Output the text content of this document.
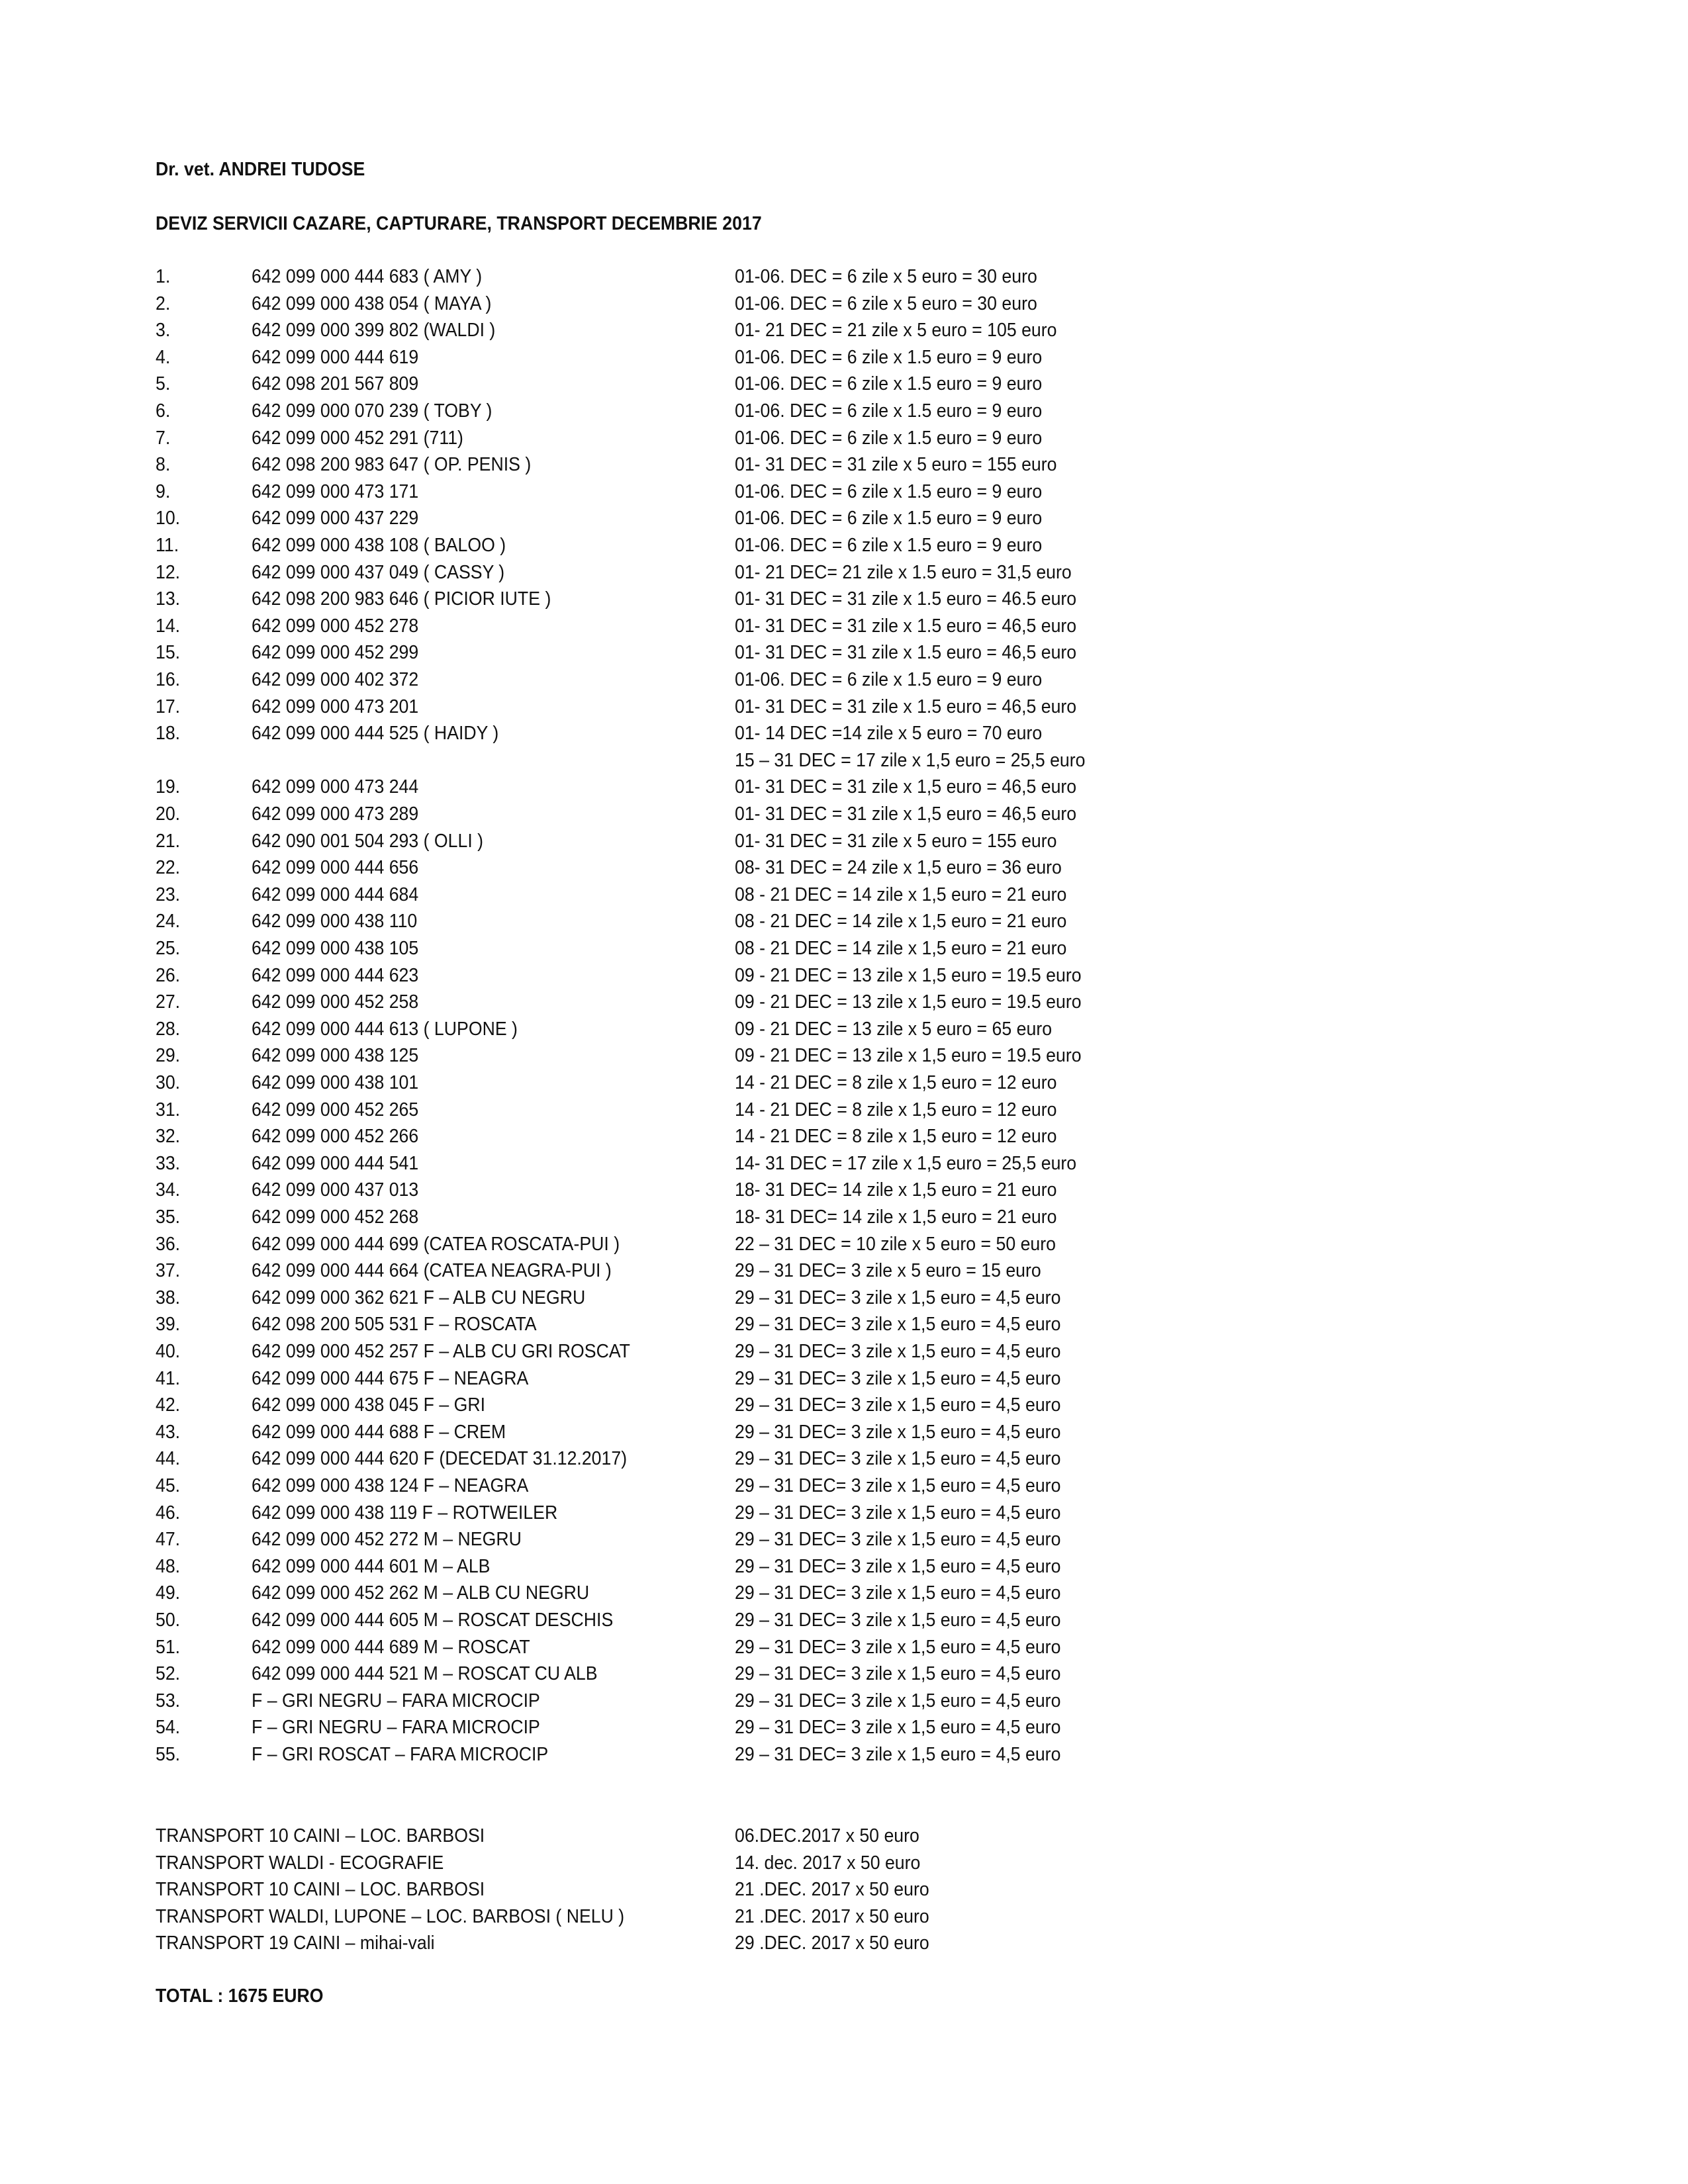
Dr. vet. ANDREI TUDOSE
DEVIZ SERVICII CAZARE, CAPTURARE, TRANSPORT DECEMBRIE 2017
1.	642 099 000 444 683 ( AMY )	01-06. DEC = 6 zile x 5 euro = 30 euro
2.	642 099 000 438 054 ( MAYA )	01-06. DEC = 6 zile x 5 euro = 30 euro
3.	642 099 000 399 802 (WALDI )	01- 21 DEC = 21 zile x 5 euro = 105 euro
4.	642 099 000 444 619	01-06. DEC = 6 zile x 1.5 euro = 9 euro
5.	642 098 201 567 809	01-06. DEC = 6 zile x 1.5 euro = 9 euro
6.	642 099 000 070 239 ( TOBY )	01-06. DEC = 6 zile x 1.5 euro = 9 euro
7.	642 099 000 452 291 (711)	01-06. DEC = 6 zile x 1.5 euro = 9 euro
8.	642 098 200 983 647 ( OP. PENIS )	01- 31 DEC = 31 zile x 5 euro = 155 euro
9.	642 099 000 473 171	01-06. DEC = 6 zile x 1.5 euro = 9 euro
10.	642 099 000 437 229	01-06. DEC = 6 zile x 1.5 euro = 9 euro
11.	642 099 000 438 108 ( BALOO )	01-06. DEC = 6 zile x 1.5 euro = 9 euro
12.	642 099 000 437 049 ( CASSY )	01- 21 DEC= 21 zile x 1.5 euro = 31,5 euro
13.	642 098 200 983 646 ( PICIOR IUTE )	01- 31 DEC = 31 zile x 1.5 euro = 46.5 euro
14.	642 099 000 452 278	01- 31 DEC = 31 zile x 1.5 euro = 46,5 euro
15.	642 099 000 452 299	01- 31 DEC = 31 zile x 1.5 euro = 46,5 euro
16.	642 099 000 402 372	01-06. DEC = 6 zile x 1.5 euro = 9 euro
17.	642 099 000 473 201	01- 31 DEC = 31 zile x 1.5 euro = 46,5 euro
18.	642 099 000 444 525 ( HAIDY )	01- 14 DEC =14 zile x 5 euro = 70 euro
15 – 31 DEC = 17 zile x 1,5 euro = 25,5 euro
19.	642 099 000 473 244	01- 31 DEC = 31 zile x 1,5 euro = 46,5 euro
20.	642 099 000 473 289	01- 31 DEC = 31 zile x 1,5 euro = 46,5 euro
21.	642 090 001 504 293 ( OLLI )	01- 31 DEC = 31 zile x 5 euro = 155 euro
22.	642 099 000 444 656	08- 31 DEC = 24 zile x 1,5 euro = 36 euro
23.	642 099 000 444 684	08 - 21 DEC = 14 zile x 1,5 euro = 21 euro
24.	642 099 000 438 110	08 - 21 DEC = 14 zile x 1,5 euro = 21 euro
25.	642 099 000 438 105	08 - 21 DEC = 14 zile x 1,5 euro = 21 euro
26.	642 099 000 444 623	09 - 21 DEC = 13 zile x 1,5 euro = 19.5 euro
27.	642 099 000 452 258	09 - 21 DEC = 13 zile x 1,5 euro = 19.5 euro
28.	642 099 000 444 613 ( LUPONE )	09 - 21 DEC = 13 zile x 5 euro = 65 euro
29.	642 099 000 438 125	09 - 21 DEC = 13 zile x 1,5 euro = 19.5 euro
30.	642 099 000 438 101	14 - 21 DEC = 8 zile x 1,5 euro = 12 euro
31.	642 099 000 452 265	14 - 21 DEC = 8 zile x 1,5 euro = 12 euro
32.	642 099 000 452 266	14 - 21 DEC = 8 zile x 1,5 euro = 12 euro
33.	642 099 000 444 541	14- 31 DEC = 17 zile x 1,5 euro = 25,5 euro
34.	642 099 000 437 013	18- 31 DEC= 14 zile x 1,5 euro = 21 euro
35.	642 099 000 452 268	18- 31 DEC= 14 zile x 1,5 euro = 21 euro
36.	642 099 000 444 699 (CATEA ROSCATA-PUI )	22 – 31 DEC = 10 zile x 5 euro = 50 euro
37.	642 099 000 444 664 (CATEA NEAGRA-PUI )	29 – 31 DEC= 3 zile x 5 euro = 15 euro
38.	642 099 000 362 621 F – ALB CU NEGRU	29 – 31 DEC= 3 zile x 1,5 euro = 4,5 euro
39.	642 098 200 505 531 F – ROSCATA	29 – 31 DEC= 3 zile x 1,5 euro = 4,5 euro
40.	642 099 000 452 257 F – ALB CU GRI ROSCAT	29 – 31 DEC= 3 zile x 1,5 euro = 4,5 euro
41.	642 099 000 444 675 F – NEAGRA	29 – 31 DEC= 3 zile x 1,5 euro = 4,5 euro
42.	642 099 000 438 045 F – GRI	29 – 31 DEC= 3 zile x 1,5 euro = 4,5 euro
43.	642 099 000 444 688 F – CREM	29 – 31 DEC= 3 zile x 1,5 euro = 4,5 euro
44.	642 099 000 444 620 F (DECEDAT 31.12.2017)	29 – 31 DEC= 3 zile x 1,5 euro = 4,5 euro
45.	642 099 000 438 124 F – NEAGRA	29 – 31 DEC= 3 zile x 1,5 euro = 4,5 euro
46.	642 099 000 438 119 F – ROTWEILER	29 – 31 DEC= 3 zile x 1,5 euro = 4,5 euro
47.	642 099 000 452 272 M – NEGRU	29 – 31 DEC= 3 zile x 1,5 euro = 4,5 euro
48.	642 099 000 444 601 M – ALB	29 – 31 DEC= 3 zile x 1,5 euro = 4,5 euro
49.	642 099 000 452 262 M – ALB CU NEGRU	29 – 31 DEC= 3 zile x 1,5 euro = 4,5 euro
50.	642 099 000 444 605 M – ROSCAT DESCHIS	29 – 31 DEC= 3 zile x 1,5 euro = 4,5 euro
51.	642 099 000 444 689 M – ROSCAT	29 – 31 DEC= 3 zile x 1,5 euro = 4,5 euro
52.	642 099 000 444 521 M – ROSCAT CU ALB	29 – 31 DEC= 3 zile x 1,5 euro = 4,5 euro
53.	F – GRI NEGRU – FARA MICROCIP	29 – 31 DEC= 3 zile x 1,5 euro = 4,5 euro
54.	F – GRI NEGRU – FARA MICROCIP	29 – 31 DEC= 3 zile x 1,5 euro = 4,5 euro
55.	F – GRI ROSCAT – FARA MICROCIP	29 – 31 DEC= 3 zile x 1,5 euro = 4,5 euro
TRANSPORT 10 CAINI – LOC. BARBOSI	06.DEC.2017 x 50 euro
TRANSPORT WALDI - ECOGRAFIE	14. dec. 2017 x 50 euro
TRANSPORT 10 CAINI – LOC. BARBOSI	21 .DEC. 2017 x 50 euro
TRANSPORT WALDI, LUPONE – LOC. BARBOSI ( NELU )	21 .DEC. 2017 x 50 euro
TRANSPORT 19 CAINI – mihai-vali	29 .DEC. 2017 x 50 euro
TOTAL : 1675 EURO
